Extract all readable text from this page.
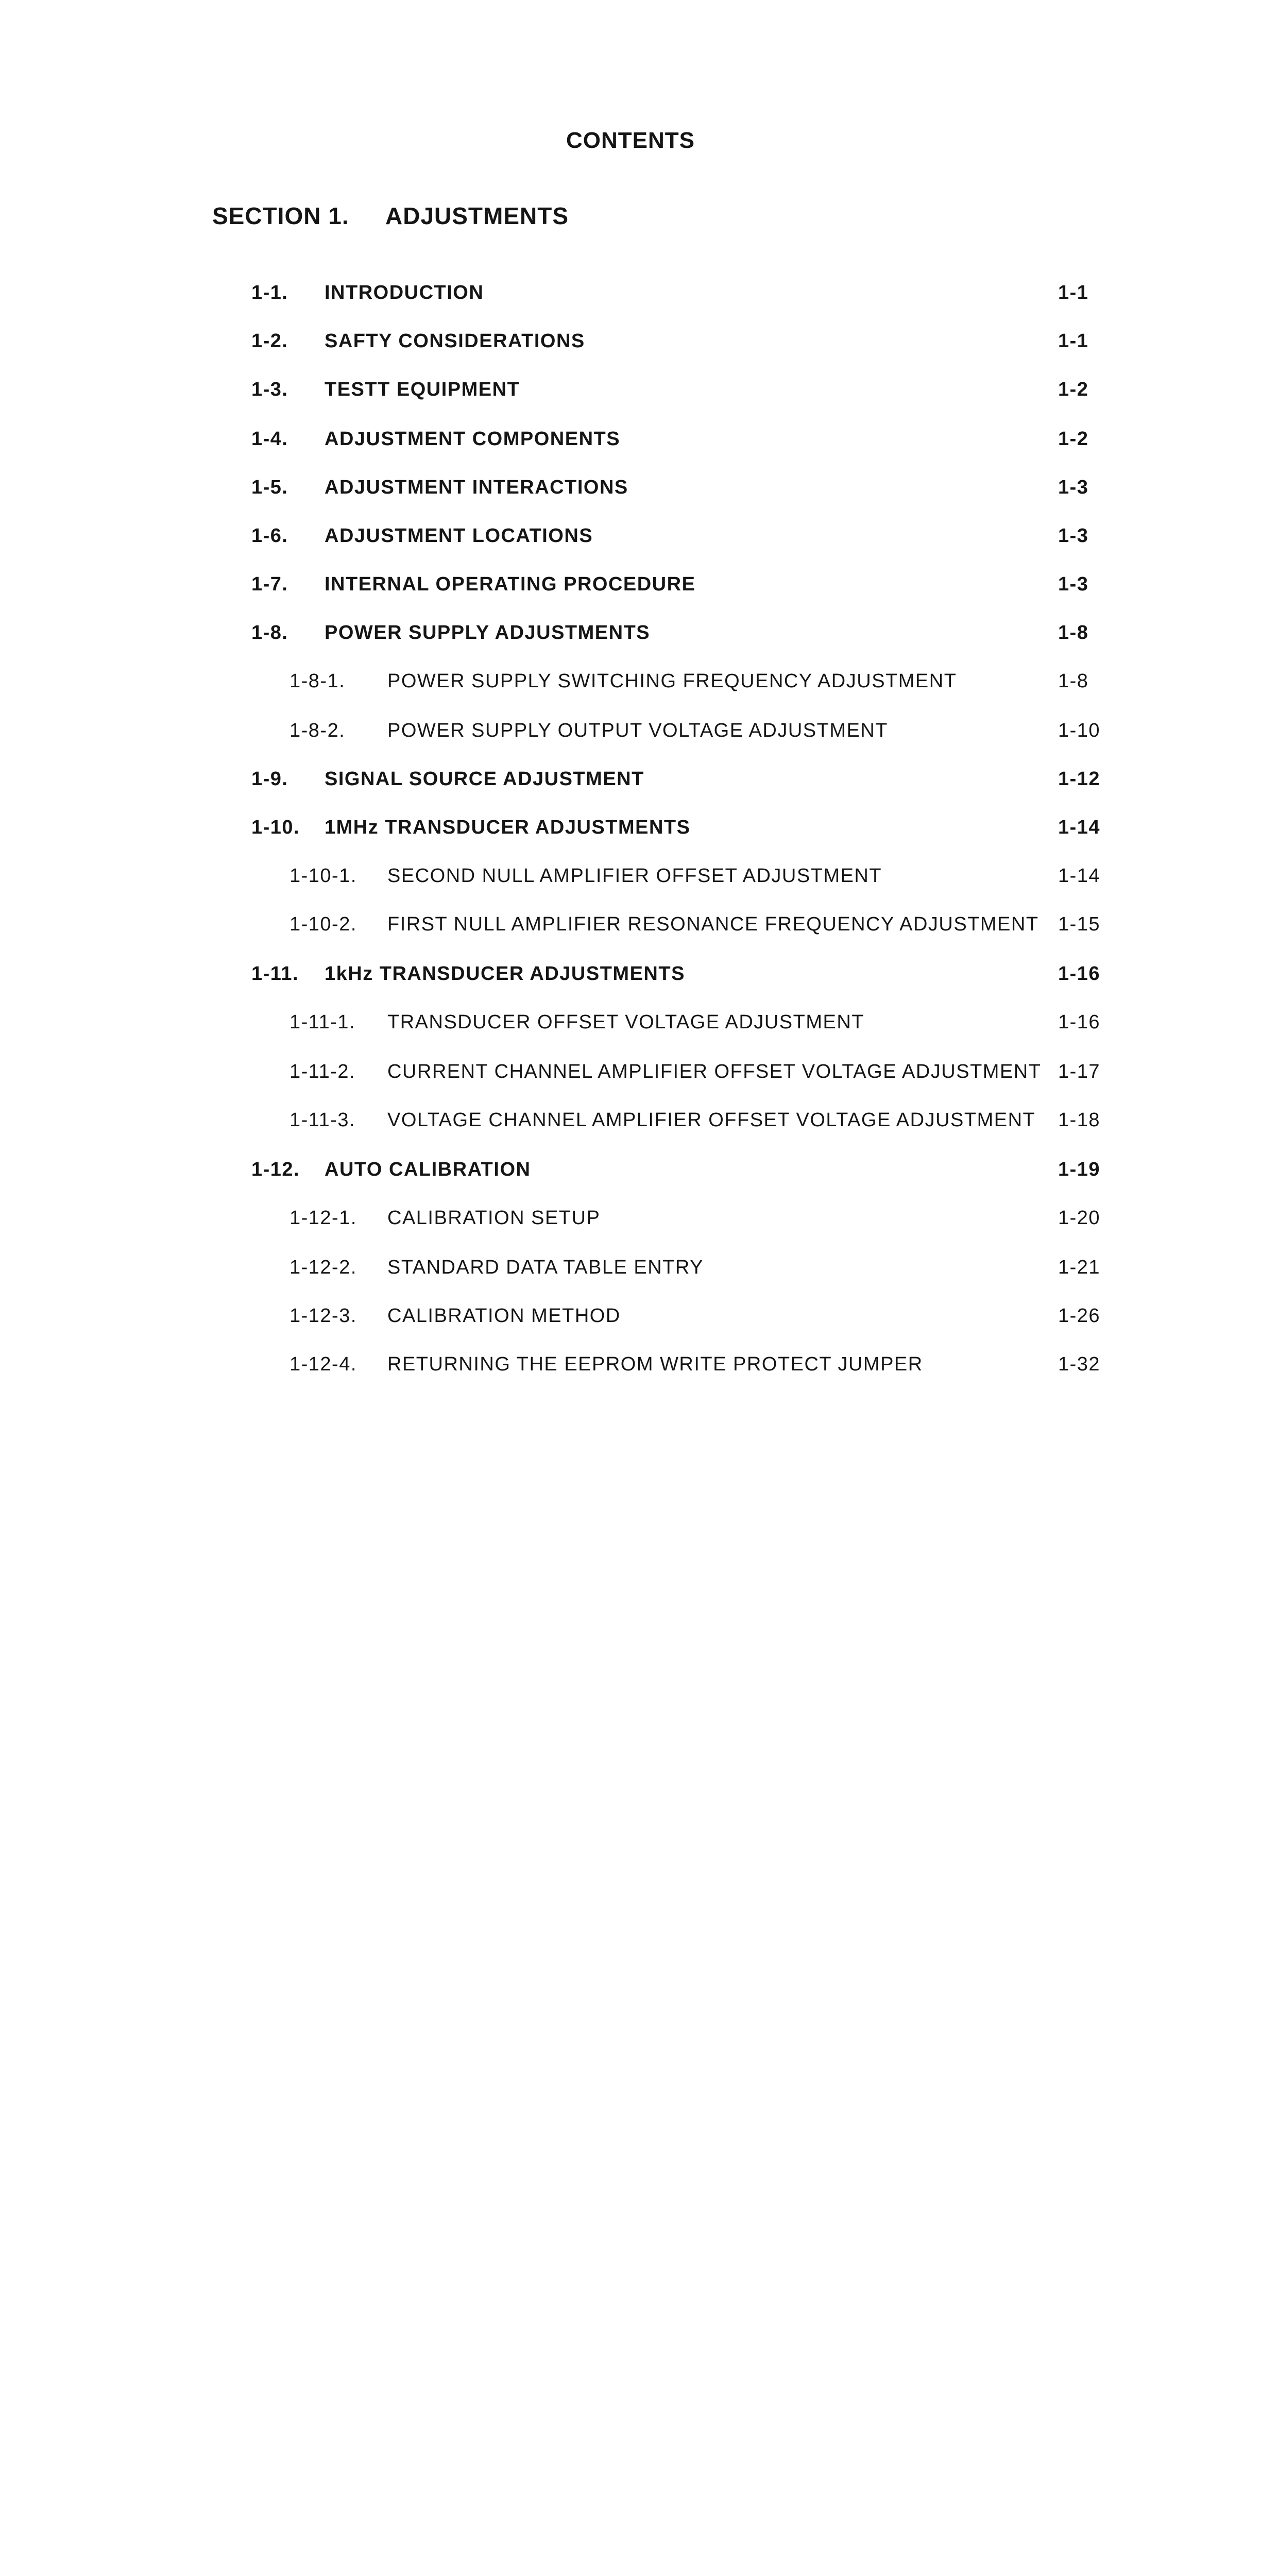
CONTENTS
SECTION 1. ADJUSTMENTS
1-1. INTRODUCTION	1-1
1-2. SAFTY CONSIDERATIONS	1-1
1-3. TESTT EQUIPMENT	1-2
1-4. ADJUSTMENT COMPONENTS	1-2
1-5. ADJUSTMENT INTERACTIONS	1-3
1-6. ADJUSTMENT LOCATIONS	1-3
1-7. INTERNAL OPERATING PROCEDURE	1-3
1-8. POWER SUPPLY ADJUSTMENTS	1-8
1-8-1. POWER SUPPLY SWITCHING FREQUENCY ADJUSTMENT	1-8
1-8-2. POWER SUPPLY OUTPUT VOLTAGE ADJUSTMENT	1-10
1-9. SIGNAL SOURCE ADJUSTMENT	1-12
1-10. 1MHz TRANSDUCER ADJUSTMENTS	1-14
1-10-1. SECOND NULL AMPLIFIER OFFSET ADJUSTMENT	1-14
1-10-2. FIRST NULL AMPLIFIER RESONANCE FREQUENCY ADJUSTMENT 1-15
1-11. 1kHz TRANSDUCER ADJUSTMENTS	1-16
1-11-1. TRANSDUCER OFFSET VOLTAGE ADJUSTMENT	1-16
1-11-2. CURRENT CHANNEL AMPLIFIER OFFSET VOLTAGE ADJUSTMENT 1-17
1-11-3. VOLTAGE CHANNEL AMPLIFIER OFFSET VOLTAGE ADJUSTMENT 1-18
1-12. AUTO CALIBRATION	1-19
1-12-1. CALIBRATION SETUP	1-20
1-12-2. STANDARD DATA TABLE ENTRY	1-21
1-12-3. CALIBRATION METHOD	1-26
1-12-4. RETURNING THE EEPROM WRITE PROTECT JUMPER	1-32
